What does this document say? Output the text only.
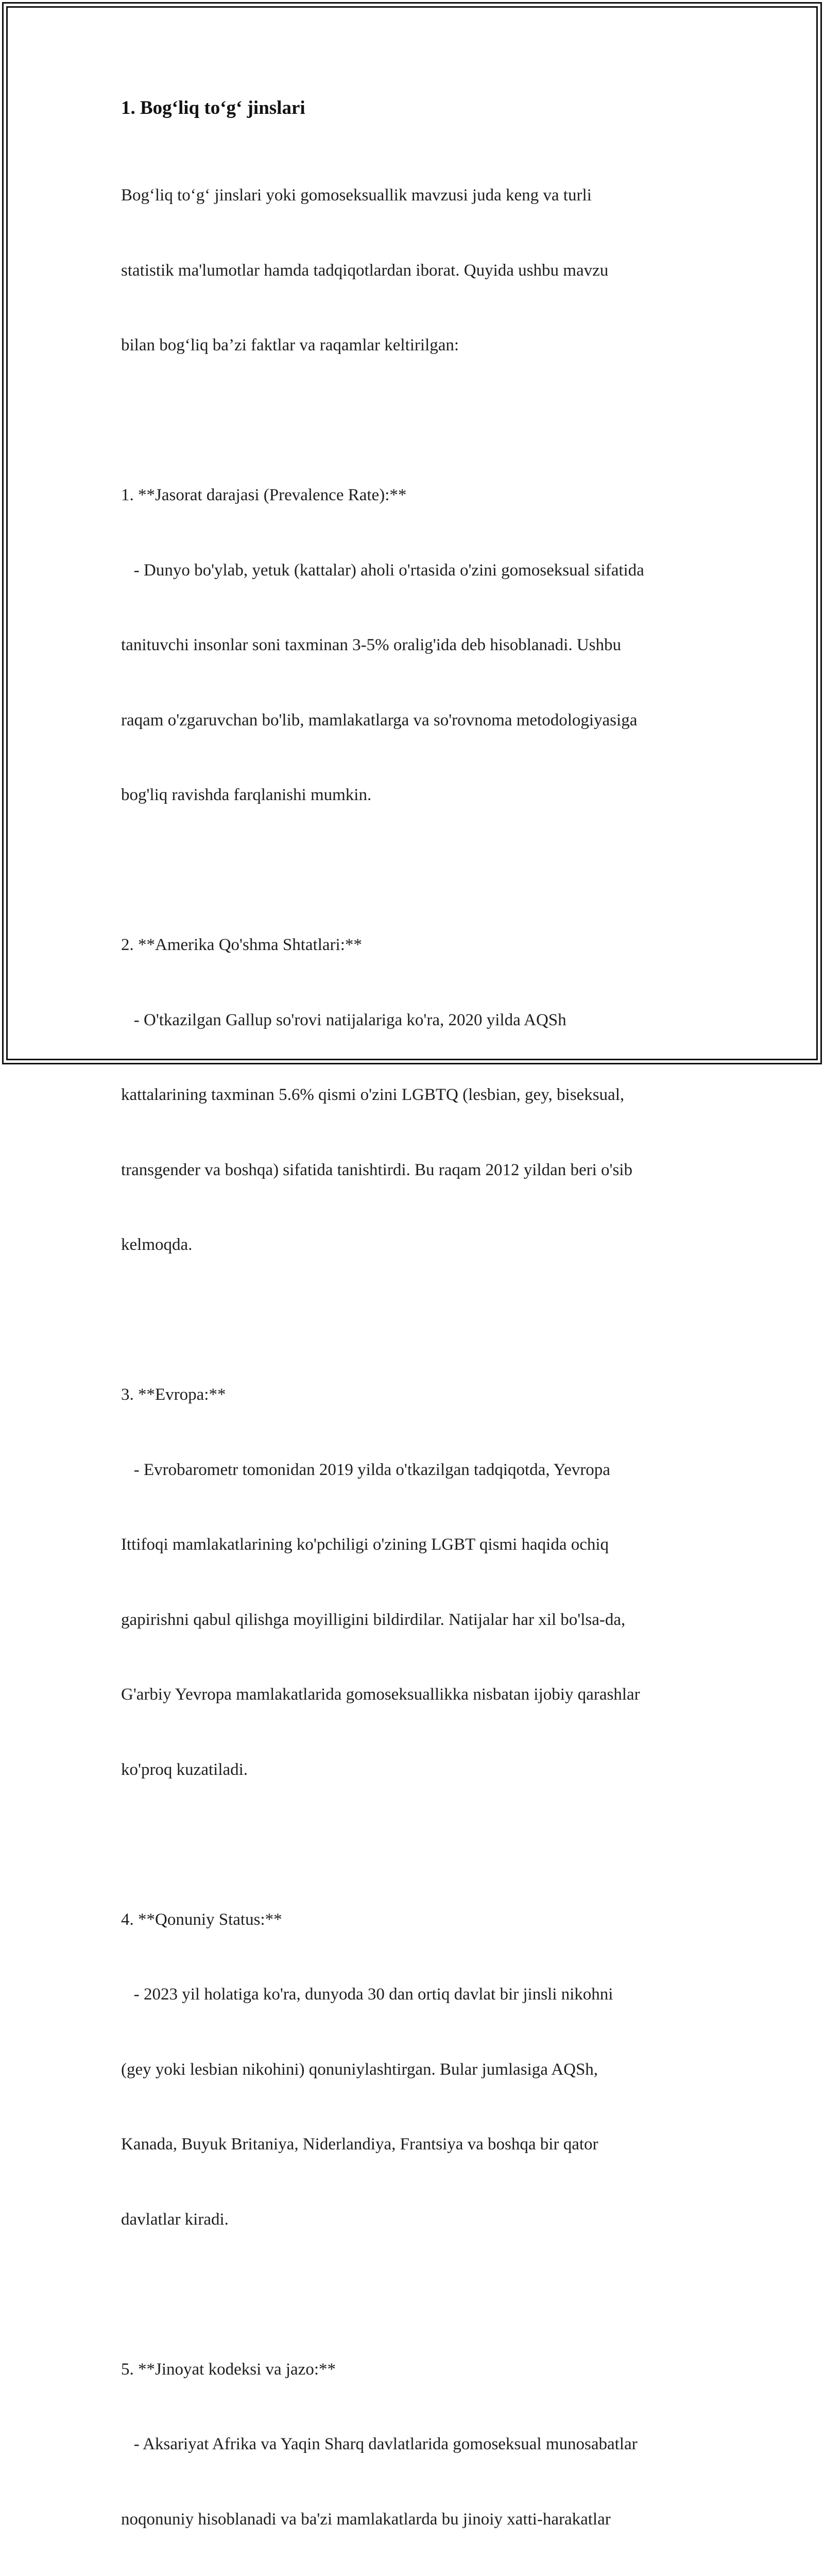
1. Bog‘liq to‘g‘ jinslari

Bog‘liq to‘g‘ jinslari yoki gomoseksuallik mavzusi juda keng va turli

statistik ma'lumotlar hamda tadqiqotlardan iborat. Quyida ushbu mavzu

bilan bog‘liq ba’zi faktlar va raqamlar keltirilgan:

1. **Jasorat darajasi (Prevalence Rate):**

- Dunyo bo'ylab, yetuk (kattalar) aholi o'rtasida o'zini gomoseksual sifatida

tanituvchi insonlar soni taxminan 3-5% oralig'ida deb hisoblanadi. Ushbu

raqam o'zgaruvchan bo'lib, mamlakatlarga va so'rovnoma metodologiyasiga

bog'liq ravishda farqlanishi mumkin.

2. **Amerika Qo'shma Shtatlari:**

- O'tkazilgan Gallup so'rovi natijalariga ko'ra, 2020 yilda AQSh

kattalarining taxminan 5.6% qismi o'zini LGBTQ (lesbian, gey, biseksual,

transgender va boshqa) sifatida tanishtirdi. Bu raqam 2012 yildan beri o'sib

kelmoqda.

3. **Evropa:**

- Evrobarometr tomonidan 2019 yilda o'tkazilgan tadqiqotda, Yevropa

Ittifoqi mamlakatlarining ko'pchiligi o'zining LGBT qismi haqida ochiq

gapirishni qabul qilishga moyilligini bildirdilar. Natijalar har xil bo'lsa-da,

G'arbiy Yevropa mamlakatlarida gomoseksuallikka nisbatan ijobiy qarashlar

ko'proq kuzatiladi.

4. **Qonuniy Status:**

- 2023 yil holatiga ko'ra, dunyoda 30 dan ortiq davlat bir jinsli nikohni

(gey yoki lesbian nikohini) qonuniylashtirgan. Bular jumlasiga AQSh,

Kanada, Buyuk Britaniya, Niderlandiya, Frantsiya va boshqa bir qator

davlatlar kiradi.

5. **Jinoyat kodeksi va jazo:**

- Aksariyat Afrika va Yaqin Sharq davlatlarida gomoseksual munosabatlar

noqonuniy hisoblanadi va ba'zi mamlakatlarda bu jinoiy xatti-harakatlar
